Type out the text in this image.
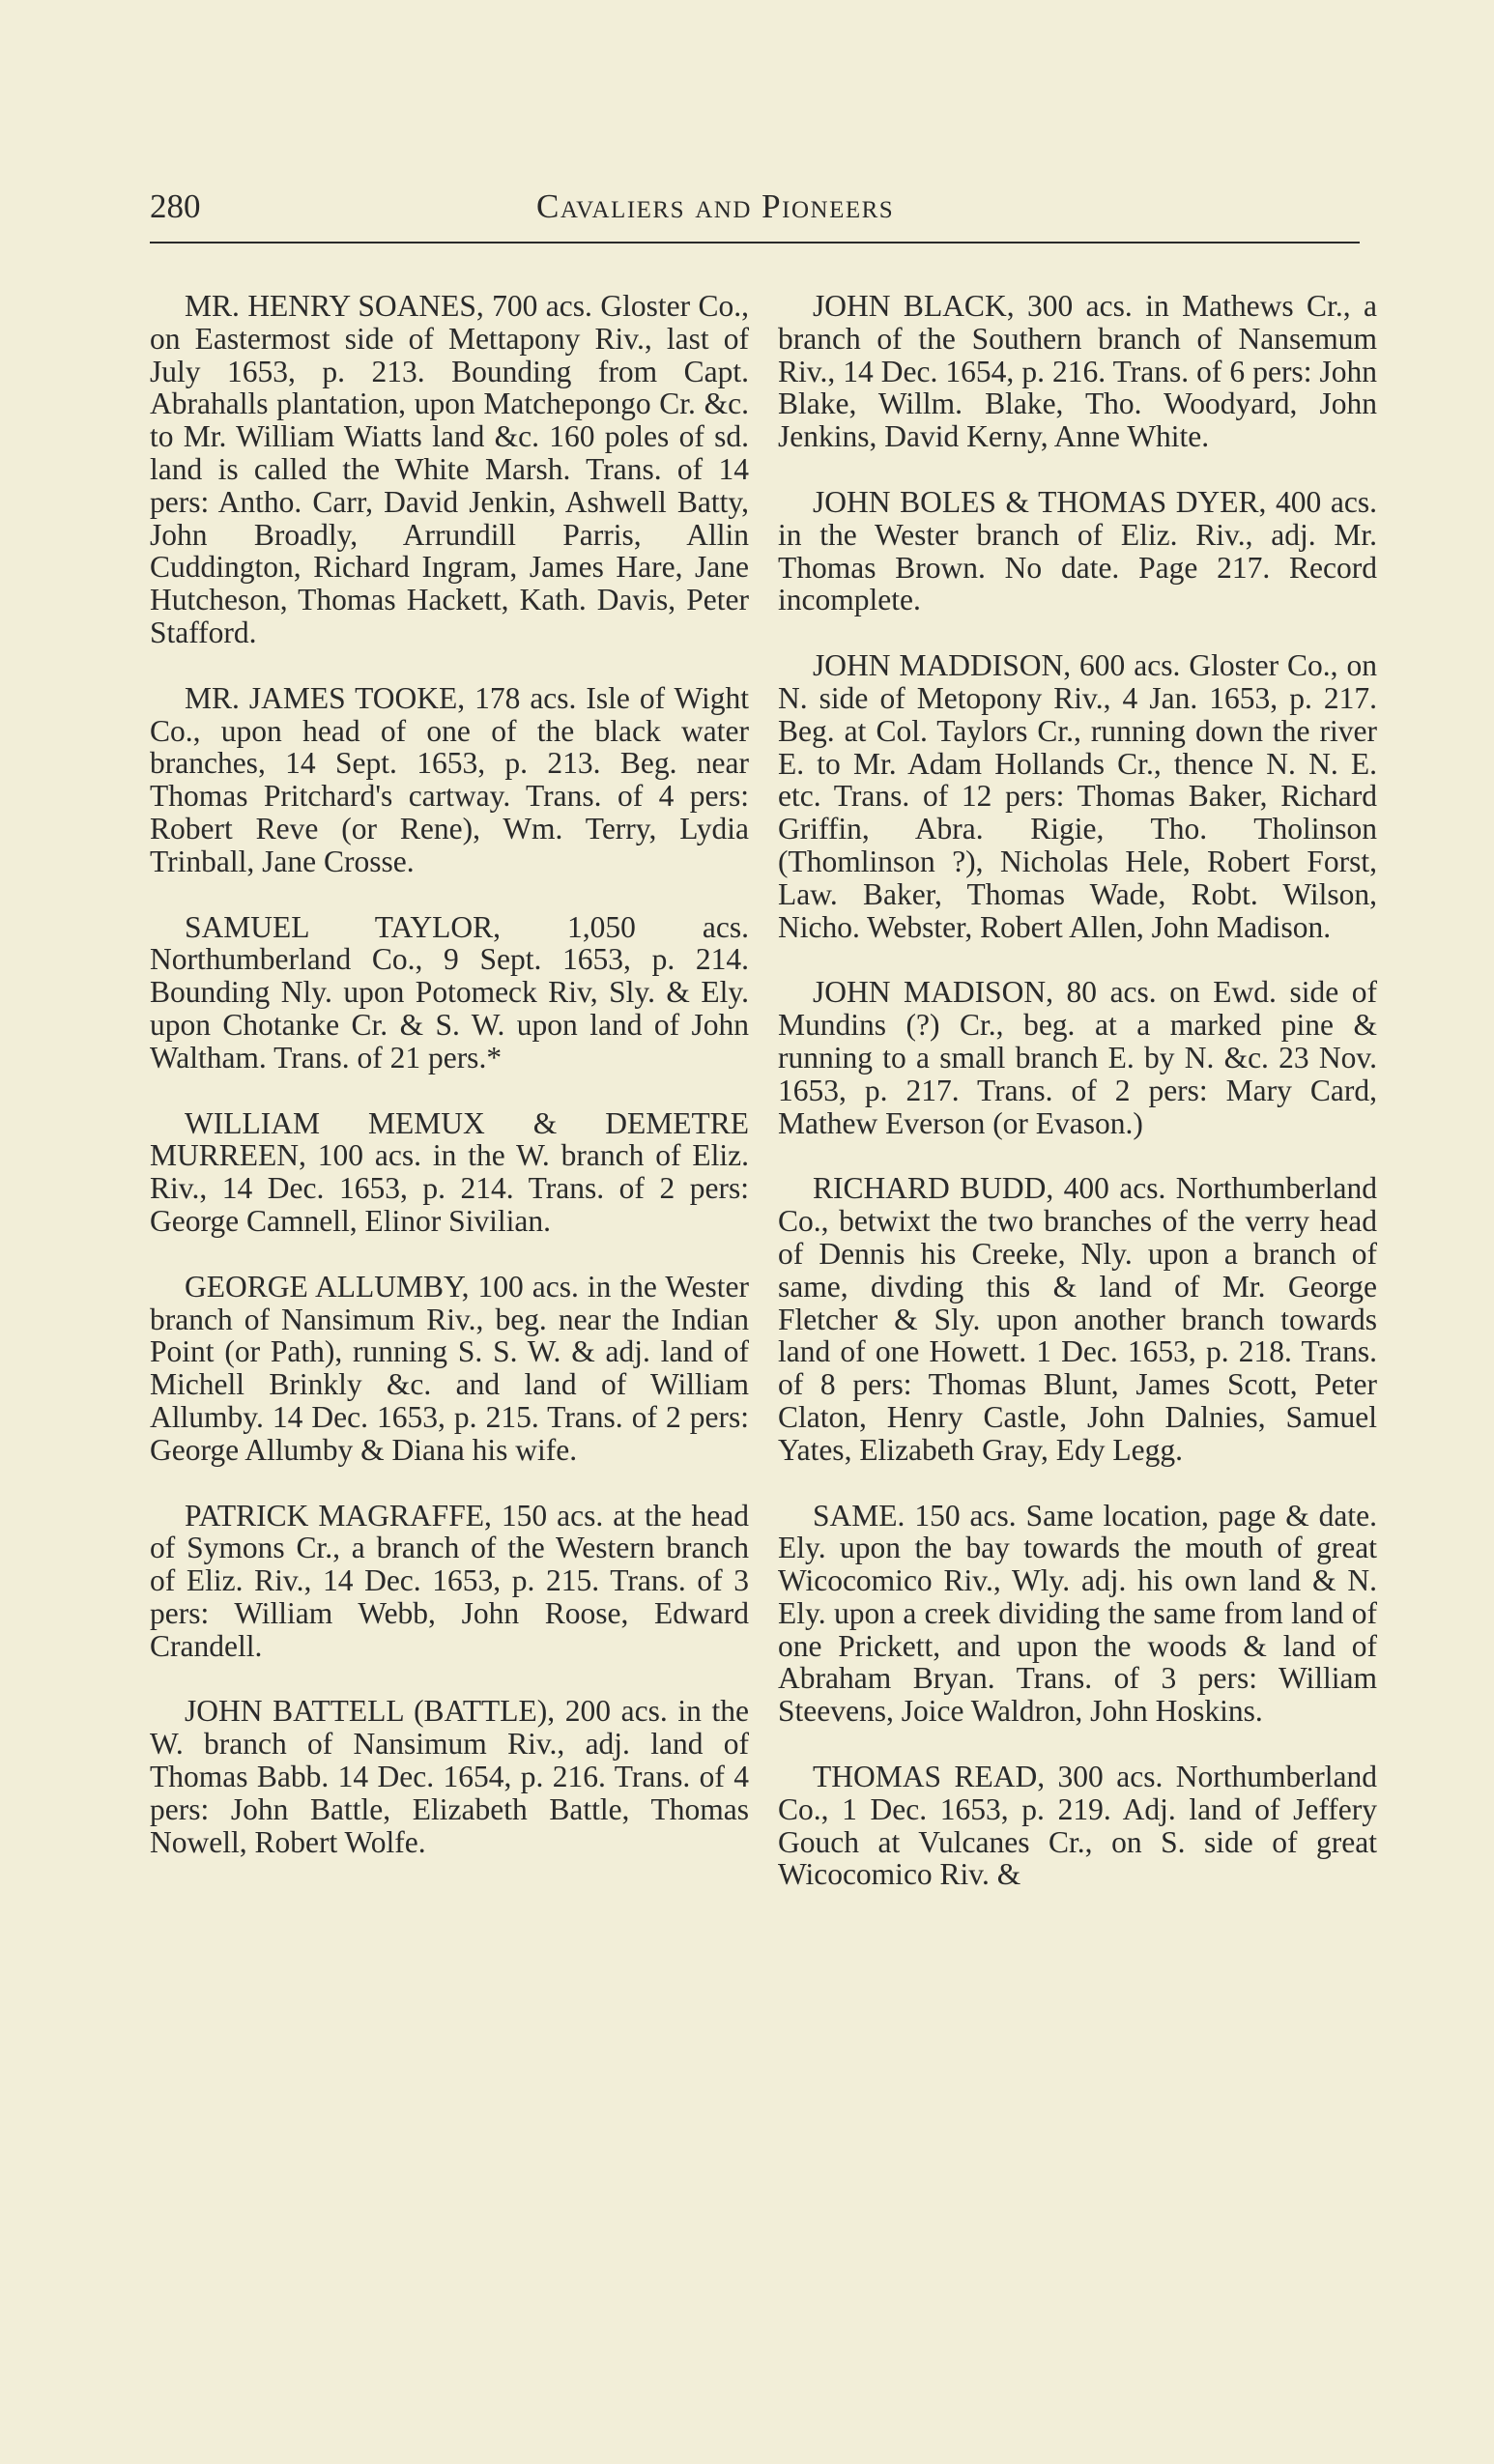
280	Cavaliers and Pioneers

MR. HENRY SOANES, 700 acs. Gloster Co., on Eastermost side of Mettapony Riv., last of July 1653, p. 213. Bounding from Capt. Abrahalls plantation, upon Matchepongo Cr. &c. to Mr. William Wiatts land &c. 160 poles of sd. land is called the White Marsh. Trans. of 14 pers: Antho. Carr, David Jenkin, Ashwell Batty, John Broadly, Arrundill Parris, Allin Cuddington, Richard Ingram, James Hare, Jane Hutcheson, Thomas Hackett, Kath. Davis, Peter Stafford.

MR. JAMES TOOKE, 178 acs. Isle of Wight Co., upon head of one of the black water branches, 14 Sept. 1653, p. 213. Beg. near Thomas Pritchard's cartway. Trans. of 4 pers: Robert Reve (or Rene), Wm. Terry, Lydia Trinball, Jane Crosse.

SAMUEL TAYLOR, 1,050 acs. Northumberland Co., 9 Sept. 1653, p. 214. Bounding Nly. upon Potomeck Riv, Sly. & Ely. upon Chotanke Cr. & S. W. upon land of John Waltham. Trans. of 21 pers.*

WILLIAM MEMUX & DEMETRE MURREEN, 100 acs. in the W. branch of Eliz. Riv., 14 Dec. 1653, p. 214. Trans. of 2 pers: George Camnell, Elinor Sivilian.

GEORGE ALLUMBY, 100 acs. in the Wester branch of Nansimum Riv., beg. near the Indian Point (or Path), running S. S. W. & adj. land of Michell Brinkly &c. and land of William Allumby. 14 Dec. 1653, p. 215. Trans. of 2 pers: George Allumby & Diana his wife.

PATRICK MAGRAFFE, 150 acs. at the head of Symons Cr., a branch of the Western branch of Eliz. Riv., 14 Dec. 1653, p. 215. Trans. of 3 pers: William Webb, John Roose, Edward Crandell.

JOHN BATTELL (BATTLE), 200 acs. in the W. branch of Nansimum Riv., adj. land of Thomas Babb. 14 Dec. 1654, p. 216. Trans. of 4 pers: John Battle, Elizabeth Battle, Thomas Nowell, Robert Wolfe.

JOHN BLACK, 300 acs. in Mathews Cr., a branch of the Southern branch of Nansemum Riv., 14 Dec. 1654, p. 216. Trans. of 6 pers: John Blake, Willm. Blake, Tho. Woodyard, John Jenkins, David Kerny, Anne White.

JOHN BOLES & THOMAS DYER, 400 acs. in the Wester branch of Eliz. Riv., adj. Mr. Thomas Brown. No date. Page 217. Record incomplete.

JOHN MADDISON, 600 acs. Gloster Co., on N. side of Metopony Riv., 4 Jan. 1653, p. 217. Beg. at Col. Taylors Cr., running down the river E. to Mr. Adam Hollands Cr., thence N. N. E. etc. Trans. of 12 pers: Thomas Baker, Richard Griffin, Abra. Rigie, Tho. Tholinson (Thomlinson ?), Nicholas Hele, Robert Forst, Law. Baker, Thomas Wade, Robt. Wilson, Nicho. Webster, Robert Allen, John Madison.

JOHN MADISON, 80 acs. on Ewd. side of Mundins (?) Cr., beg. at a marked pine & running to a small branch E. by N. &c. 23 Nov. 1653, p. 217. Trans. of 2 pers: Mary Card, Mathew Everson (or Evason.)

RICHARD BUDD, 400 acs. Northumberland Co., betwixt the two branches of the verry head of Dennis his Creeke, Nly. upon a branch of same, divding this & land of Mr. George Fletcher & Sly. upon another branch towards land of one Howett. 1 Dec. 1653, p. 218. Trans. of 8 pers: Thomas Blunt, James Scott, Peter Claton, Henry Castle, John Dalnies, Samuel Yates, Elizabeth Gray, Edy Legg.

SAME. 150 acs. Same location, page & date. Ely. upon the bay towards the mouth of great Wicocomico Riv., Wly. adj. his own land & N. Ely. upon a creek dividing the same from land of one Prickett, and upon the woods & land of Abraham Bryan. Trans. of 3 pers: William Steevens, Joice Waldron, John Hoskins.

THOMAS READ, 300 acs. Northumberland Co., 1 Dec. 1653, p. 219. Adj. land of Jeffery Gouch at Vulcanes Cr., on S. side of great Wicocomico Riv. &
